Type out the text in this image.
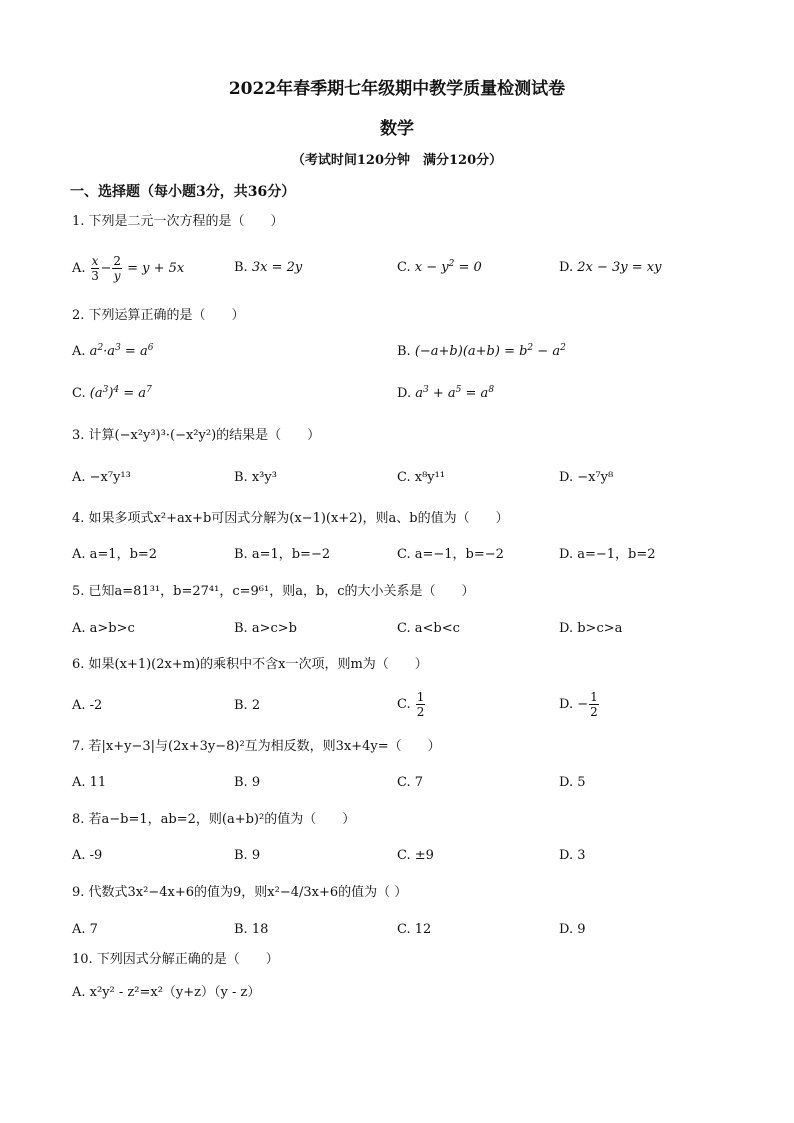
2022年春季期七年级期中教学质量检测试卷
数学
（考试时间120分钟　满分120分）
一、选择题（每小题3分，共36分）
1. 下列是二元一次方程的是（　　）
A. $\frac{x}{3} - \frac{2}{y} = y + 5x$	B. 3x = 2y	C. $x - y^2 = 0$	D. 2x − 3y = xy
2. 下列运算正确的是（　　）
A. $a^2\cdot a^3 = a^6$	B. $(-a+b)(a+b) = b^2 - a^2$
C. $(a^3)^4 = a^7$	D. $a^3 + a^5 = a^8$
3. 计算(−x²y³)³·(−x²y²)的结果是（　　）
A. −x⁷y¹³	B. x³y³	C. x⁸y¹¹	D. −x⁷y⁸
4. 如果多项式x²+ax+b可因式分解为(x−1)(x+2)，则a、b的值为（　　）
A. a=1，b=2	B. a=1，b=−2	C. a=−1，b=−2	D. a=−1，b=2
5. 已知a=81³¹，b=27⁴¹，c=9⁶¹，则a，b，c的大小关系是（　　）
A. a>b>c	B. a>c>b	C. a<b<c	D. b>c>a
6. 如果(x+1)(2x+m)的乘积中不含x一次项，则m为（　　）
A. -2	B. 2	C. $\frac{1}{2}$	D. − $\frac{1}{2}$
7. 若|x+y−3|与(2x+3y−8)²互为相反数，则3x+4y=（　　）
A. 11	B. 9	C. 7	D. 5
8. 若a−b=1，ab=2，则(a+b)²的值为（　　）
A. -9	B. 9	C. ±9	D. 3
9. 代数式3x²−4x+6的值为9，则x²−4/3x+6的值为（ ）
A. 7	B. 18	C. 12	D. 9
10. 下列因式分解正确的是（　　）
A. x²y² - z²=x²（y+z）（y - z）
